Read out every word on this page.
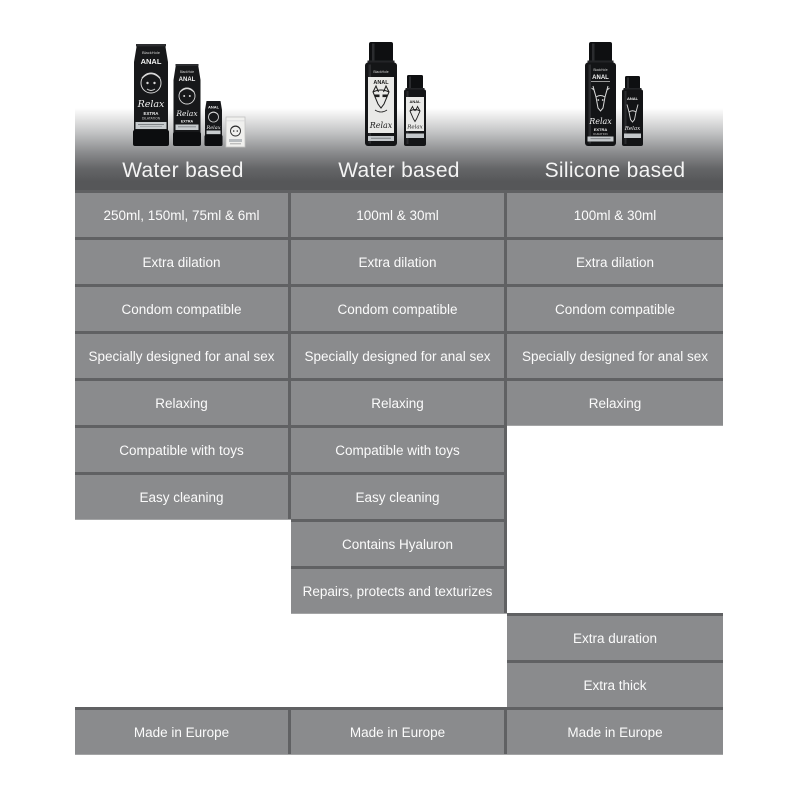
Water based	Water based	Silicone based
BlackHole
ANAL
Relax
EXTRA
DILATATION
BlackHole
ANAL
Relax
EXTRA
ANAL
Relax
BlackHole
ANAL
Relax
ANAL
Relax
BlackHole
ANAL
Relax
EXTRA
DURATION
ANAL
Relax
250ml, 150ml, 75ml & 6ml
Extra dilation
Condom compatible
Specially designed for anal sex
Relaxing
Compatible with toys
Easy cleaning
Made in Europe
100ml & 30ml
Extra dilation
Condom compatible
Specially designed for anal sex
Relaxing
Compatible with toys
Easy cleaning
Contains Hyaluron
Repairs, protects and texturizes
Made in Europe
100ml & 30ml
Extra dilation
Condom compatible
Specially designed for anal sex
Relaxing
Extra duration
Extra thick
Made in Europe
